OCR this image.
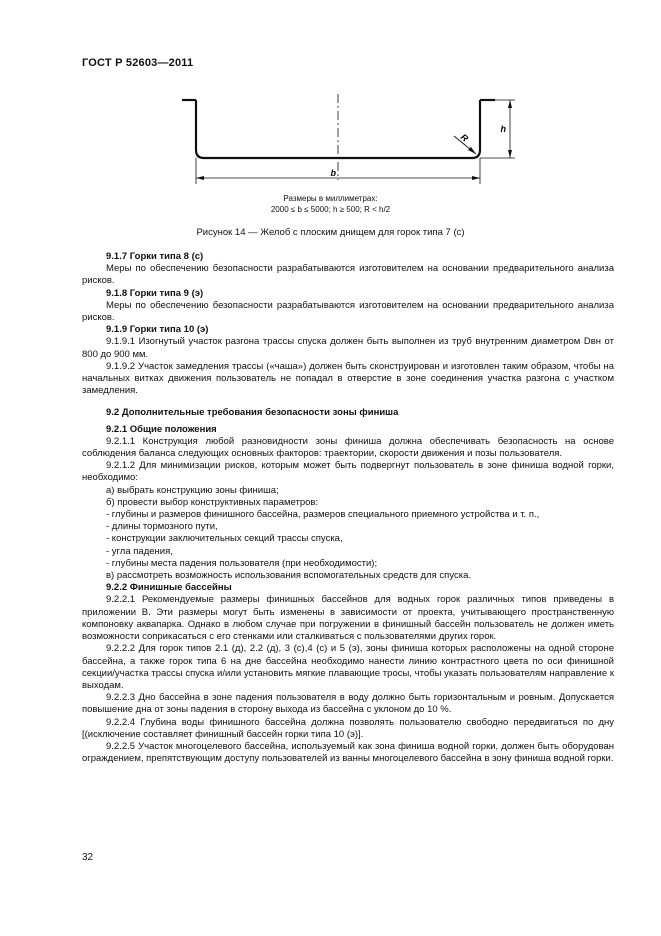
ГОСТ Р 52603—2011
b
h
R
Размеры в миллиметрах:
2000 ≤ b ≤ 5000; h ≥ 500; R < h/2
Рисунок 14 — Желоб с плоским днищем для горок типа 7 (с)

9.1.7 Горки типа 8 (с)

Меры по обеспечению безопасности разрабатываются изготовителем на основании предварительного анализа рисков.

9.1.8 Горки типа 9 (э)

Меры по обеспечению безопасности разрабатываются изготовителем на основании предварительного анализа рисков.

9.1.9 Горки типа 10 (э)

9.1.9.1 Изогнутый участок разгона трассы спуска должен быть выполнен из труб внутренним диаметром Dвн от 800 до 900 мм.

9.1.9.2 Участок замедления трассы («чаша») должен быть сконструирован и изготовлен таким образом, чтобы на начальных витках движения пользователь не попадал в отверстие в зоне соединения участка разгона с участком замедления.

9.2 Дополнительные требования безопасности зоны финиша

9.2.1 Общие положения

9.2.1.1 Конструкция любой разновидности зоны финиша должна обеспечивать безопасность на основе соблюдения баланса следующих основных факторов: траектории, скорости движения и позы пользователя.

9.2.1.2 Для минимизации рисков, которым может быть подвергнут пользователь в зоне финиша водной горки, необходимо:

а) выбрать конструкцию зоны финиша;

б) провести выбор конструктивных параметров:

- глубины и размеров финишного бассейна, размеров специального приемного устройства и т. п.,

- длины тормозного пути,

- конструкции заключительных секций трассы спуска,

- угла падения,

- глубины места падения пользователя (при необходимости);

в) рассмотреть возможность использования вспомогательных средств для спуска.

9.2.2 Финишные бассейны

9.2.2.1 Рекомендуемые размеры финишных бассейнов для водных горок различных типов приведены в приложении В. Эти размеры могут быть изменены в зависимости от проекта, учитывающего пространственную компоновку аквапарка. Однако в любом случае при погружении в финишный бассейн пользователь не должен иметь возможности соприкасаться с его стенками или сталкиваться с пользователями других горок.

9.2.2.2 Для горок типов 2.1 (д), 2.2 (д), 3 (с),4 (с) и 5 (э), зоны финиша которых расположены на одной стороне бассейна, а также горок типа 6 на дне бассейна необходимо нанести линию контрастного цвета по оси финишной секции/участка трассы спуска и/или установить мягкие плавающие тросы, чтобы указать пользователям направление к выходам.

9.2.2.3 Дно бассейна в зоне падения пользователя в воду должно быть горизонтальным и ровным. Допускается повышение дна от зоны падения в сторону выхода из бассейна с уклоном до 10 %.

9.2.2.4 Глубина воды финишного бассейна должна позволять пользователю свободно передвигаться по дну [(исключение составляет финишный бассейн горки типа 10 (э)].

9.2.2.5 Участок многоцелевого бассейна, используемый как зона финиша водной горки, должен быть оборудован ограждением, препятствующим доступу пользователей из ванны многоцелевого бассейна в зону финиша водной горки.

32
